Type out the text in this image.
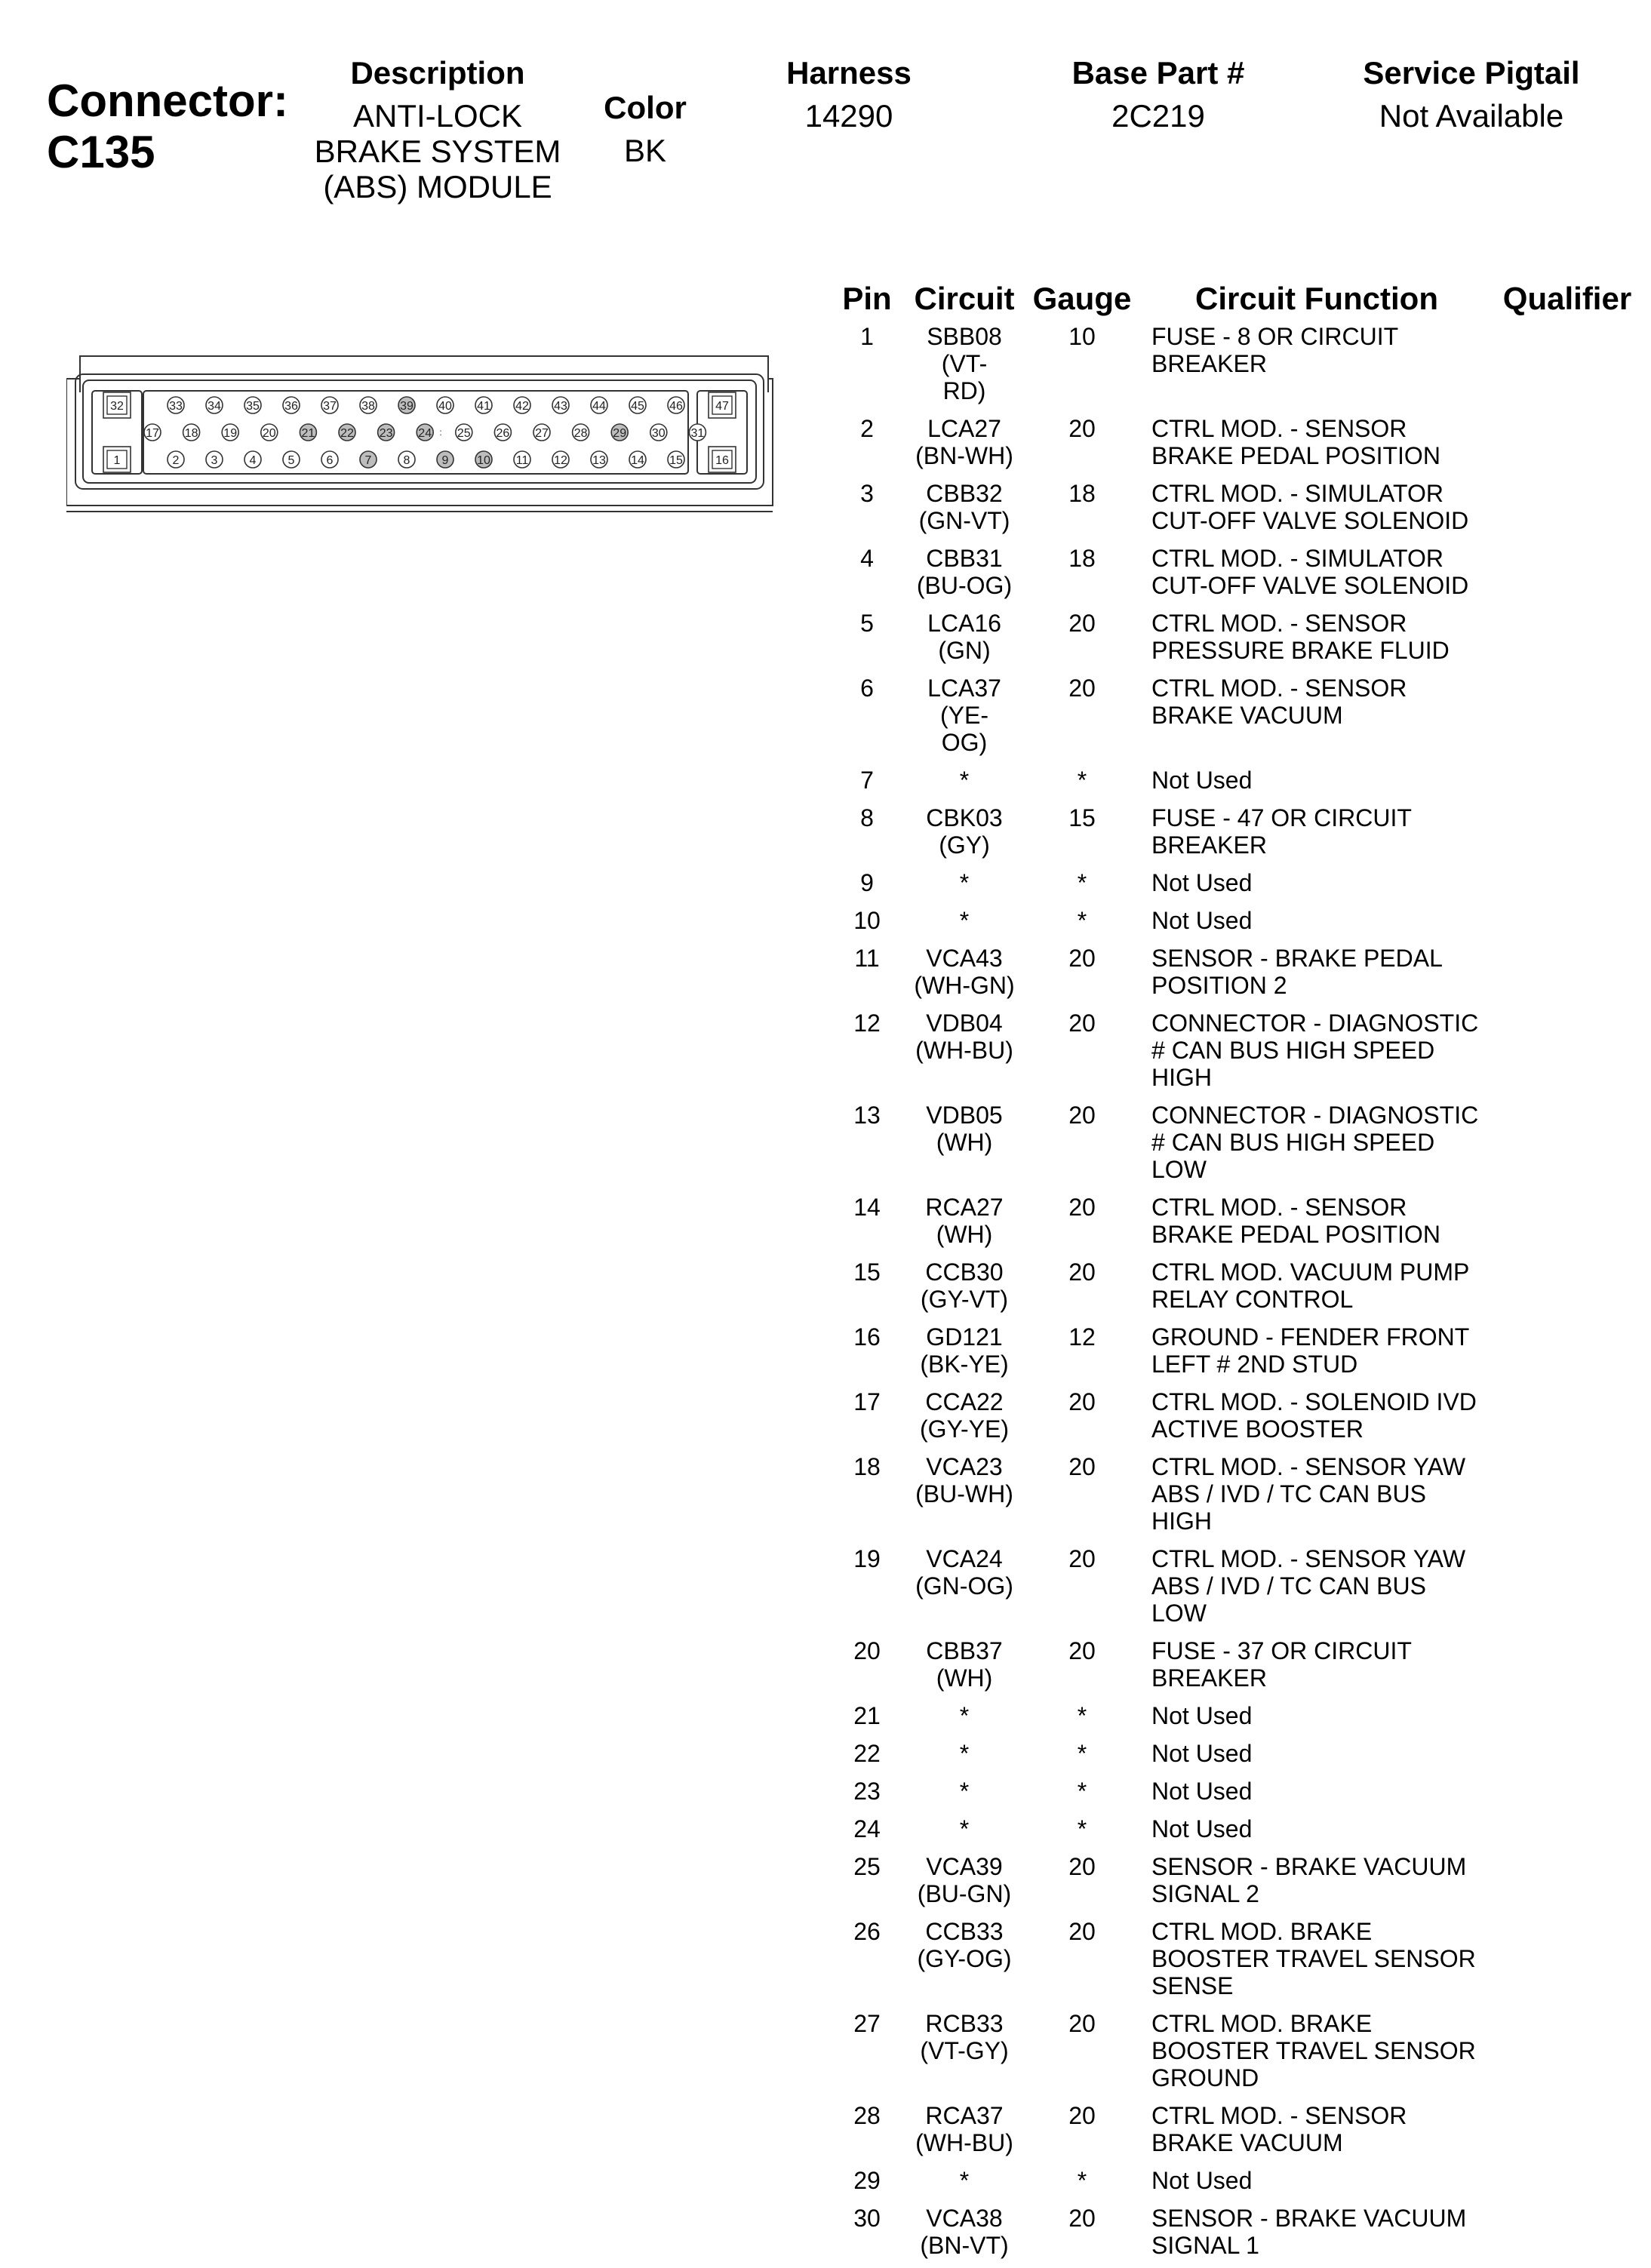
Connector:
C135
Description
ANTI-LOCK
BRAKE SYSTEM
(ABS) MODULE
Color
BK
Harness
14290
Base Part #
2C219
Service Pigtail
Not Available
33 34 35 36 37 38 39 40 41 42 43 44 45 46
17 18 19 20 21 22 23 24 25 26 27 28 29 30 31
2	3	4	5	6	7	8	9 10 11 12 13 14 15
:
32
1
47
16
Pin	Circuit	Gauge	Circuit Function	Qualifier

1	SBB08 (VT-
RD)	10	FUSE - 8 OR CIRCUIT
BREAKER	

2	LCA27
(BN-WH)	20	CTRL MOD. - SENSOR
BRAKE PEDAL POSITION	

3	CBB32
(GN-VT)	18	CTRL MOD. - SIMULATOR
CUT-OFF VALVE SOLENOID	

4	CBB31
(BU-OG)	18	CTRL MOD. - SIMULATOR
CUT-OFF VALVE SOLENOID	

5	LCA16
(GN)	20	CTRL MOD. - SENSOR
PRESSURE BRAKE FLUID	

6	LCA37 (YE-
OG)	20	CTRL MOD. - SENSOR
BRAKE VACUUM	

7	*	*	Not Used	

8	CBK03
(GY)	15	FUSE - 47 OR CIRCUIT
BREAKER	

9	*	*	Not Used	

10	*	*	Not Used	

11	VCA43
(WH-GN)	20	SENSOR - BRAKE PEDAL
POSITION 2	

12	VDB04
(WH-BU)	20	CONNECTOR - DIAGNOSTIC
# CAN BUS HIGH SPEED
HIGH	

13	VDB05
(WH)	20	CONNECTOR - DIAGNOSTIC
# CAN BUS HIGH SPEED
LOW	

14	RCA27
(WH)	20	CTRL MOD. - SENSOR
BRAKE PEDAL POSITION	

15	CCB30
(GY-VT)	20	CTRL MOD. VACUUM PUMP
RELAY CONTROL	

16	GD121
(BK-YE)	12	GROUND - FENDER FRONT
LEFT # 2ND STUD	

17	CCA22
(GY-YE)	20	CTRL MOD. - SOLENOID IVD
ACTIVE BOOSTER	

18	VCA23
(BU-WH)	20	CTRL MOD. - SENSOR YAW
ABS / IVD / TC CAN BUS
HIGH	

19	VCA24
(GN-OG)	20	CTRL MOD. - SENSOR YAW
ABS / IVD / TC CAN BUS
LOW	

20	CBB37
(WH)	20	FUSE - 37 OR CIRCUIT
BREAKER	

21	*	*	Not Used	

22	*	*	Not Used	

23	*	*	Not Used	

24	*	*	Not Used	

25	VCA39
(BU-GN)	20	SENSOR - BRAKE VACUUM
SIGNAL 2	

26	CCB33
(GY-OG)	20	CTRL MOD. BRAKE
BOOSTER TRAVEL SENSOR
SENSE	

27	RCB33
(VT-GY)	20	CTRL MOD. BRAKE
BOOSTER TRAVEL SENSOR
GROUND	

28	RCA37
(WH-BU)	20	CTRL MOD. - SENSOR
BRAKE VACUUM	

29	*	*	Not Used	

30	VCA38
(BN-VT)	20	SENSOR - BRAKE VACUUM
SIGNAL 1	
